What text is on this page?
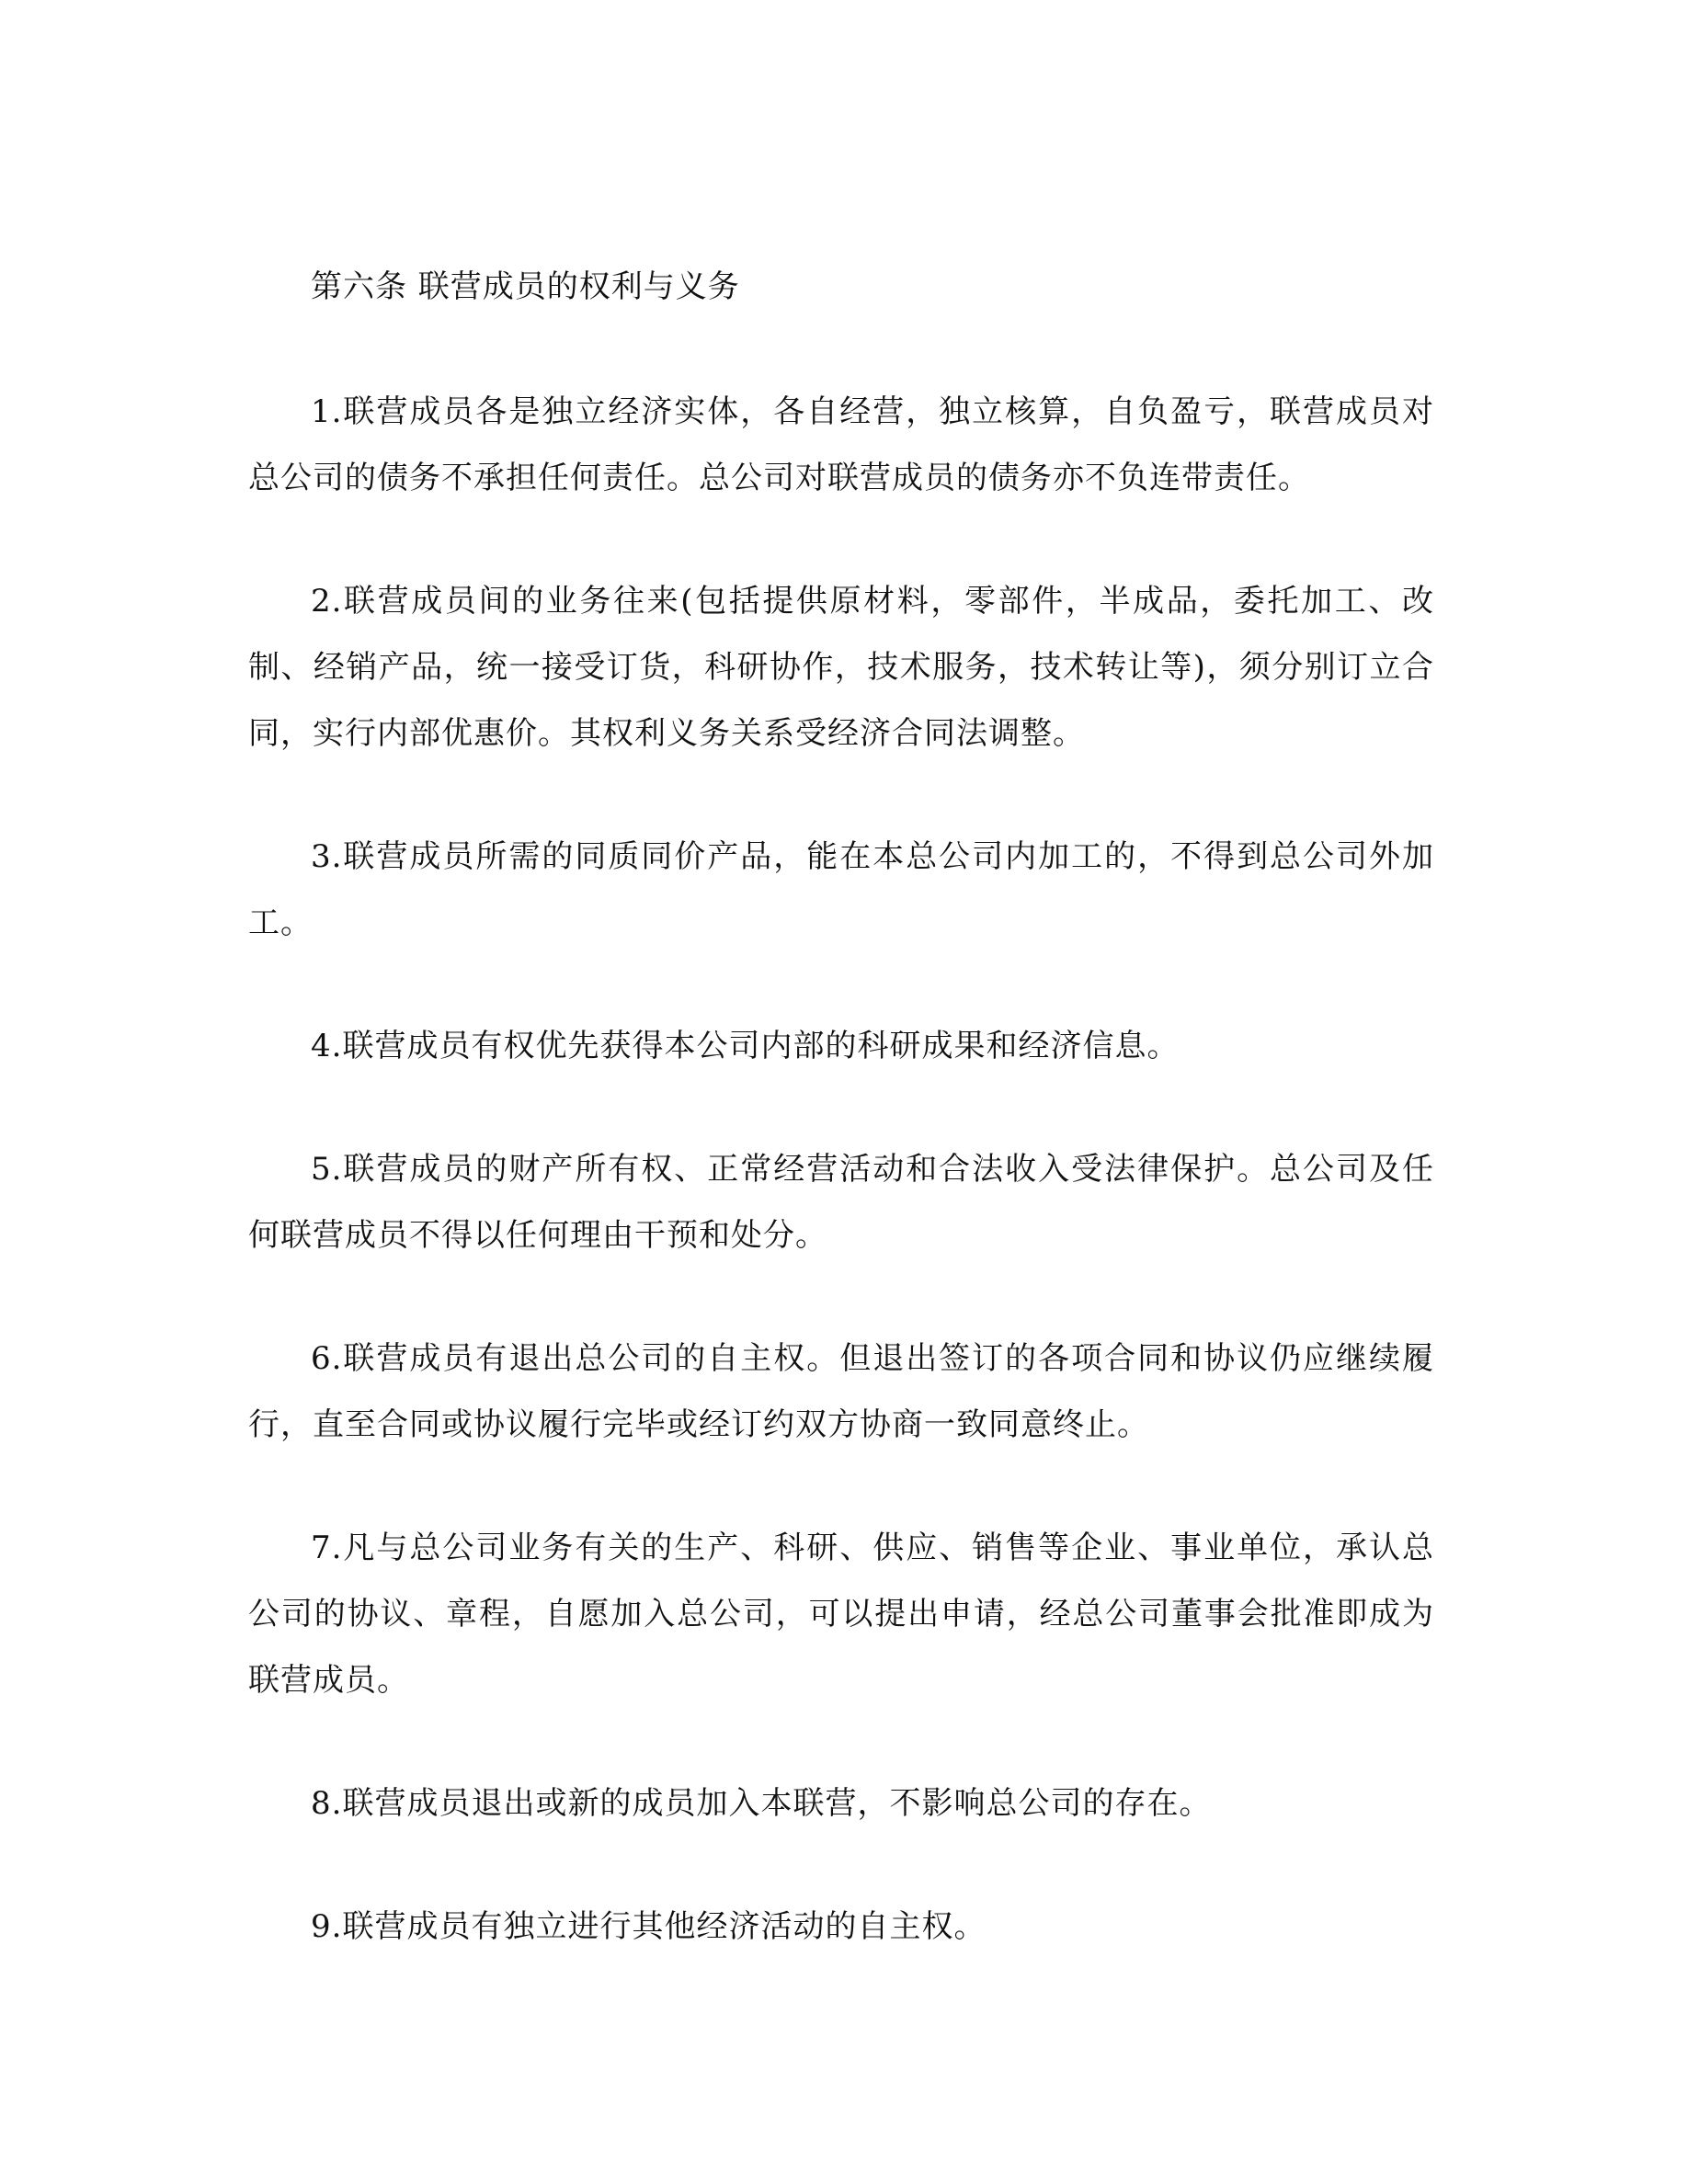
第六条 联营成员的权利与义务

1.联营成员各是独立经济实体，各自经营，独立核算，自负盈亏，联营成员对总公司的债务不承担任何责任。总公司对联营成员的债务亦不负连带责任。

2.联营成员间的业务往来(包括提供原材料，零部件，半成品，委托加工、改制、经销产品，统一接受订货，科研协作，技术服务，技术转让等)，须分别订立合同，实行内部优惠价。其权利义务关系受经济合同法调整。

3.联营成员所需的同质同价产品，能在本总公司内加工的，不得到总公司外加工。

4.联营成员有权优先获得本公司内部的科研成果和经济信息。

5.联营成员的财产所有权、正常经营活动和合法收入受法律保护。总公司及任何联营成员不得以任何理由干预和处分。

6.联营成员有退出总公司的自主权。但退出签订的各项合同和协议仍应继续履行，直至合同或协议履行完毕或经订约双方协商一致同意终止。

7.凡与总公司业务有关的生产、科研、供应、销售等企业、事业单位，承认总公司的协议、章程，自愿加入总公司，可以提出申请，经总公司董事会批准即成为联营成员。

8.联营成员退出或新的成员加入本联营，不影响总公司的存在。

9.联营成员有独立进行其他经济活动的自主权。
